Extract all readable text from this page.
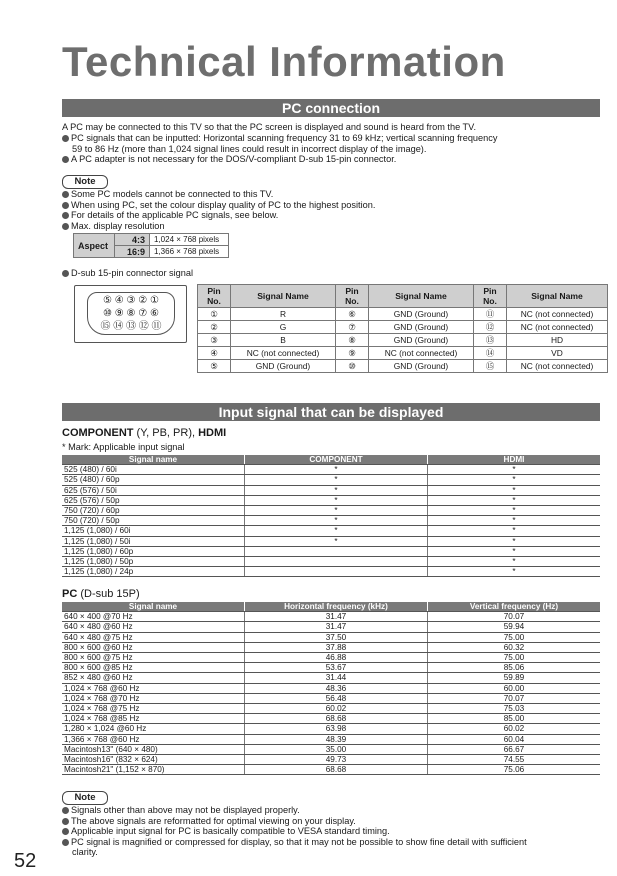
Technical Information
PC connection
A PC may be connected to this TV so that the PC screen is displayed and sound is heard from the TV.
PC signals that can be inputted: Horizontal scanning frequency 31 to 69 kHz; vertical scanning frequency
59 to 86 Hz (more than 1,024 signal lines could result in incorrect display of the image).
A PC adapter is not necessary for the DOS/V-compliant D-sub 15-pin connector.
Note
Some PC models cannot be connected to this TV.
When using PC, set the colour display quality of PC to the highest position.
For details of the applicable PC signals, see below.
Max. display resolution
Aspect	4:3	1,024 × 768 pixels
	16:9	1,366 × 768 pixels
D-sub 15-pin connector signal
⑤ ④ ③ ② ①
⑩ ⑨ ⑧ ⑦ ⑥
⑮ ⑭ ⑬ ⑫ ⑪
Pin No.	Signal Name	Pin No.	Signal Name	Pin No.	Signal Name
①	R	⑥	GND (Ground)	⑪	NC (not connected)
②	G	⑦	GND (Ground)	⑫	NC (not connected)
③	B	⑧	GND (Ground)	⑬	HD
④	NC (not connected)	⑨	NC (not connected)	⑭	VD
⑤	GND (Ground)	⑩	GND (Ground)	⑮	NC (not connected)
Input signal that can be displayed
COMPONENT (Y, PB, PR), HDMI
* Mark: Applicable input signal
Signal name	COMPONENT	HDMI
525 (480) / 60i	*	*
525 (480) / 60p	*	*
625 (576) / 50i	*	*
625 (576) / 50p	*	*
750 (720) / 60p	*	*
750 (720) / 50p	*	*
1,125 (1,080) / 60i	*	*
1,125 (1,080) / 50i	*	*
1,125 (1,080) / 60p		*
1,125 (1,080) / 50p		*
1,125 (1,080) / 24p		*
PC (D-sub 15P)
Signal name	Horizontal frequency (kHz)	Vertical frequency (Hz)
640 × 400 @70 Hz	31.47	70.07
640 × 480 @60 Hz	31.47	59.94
640 × 480 @75 Hz	37.50	75.00
800 × 600 @60 Hz	37.88	60.32
800 × 600 @75 Hz	46.88	75.00
800 × 600 @85 Hz	53.67	85.06
852 × 480 @60 Hz	31.44	59.89
1,024 × 768 @60 Hz	48.36	60.00
1,024 × 768 @70 Hz	56.48	70.07
1,024 × 768 @75 Hz	60.02	75.03
1,024 × 768 @85 Hz	68.68	85.00
1,280 × 1,024 @60 Hz	63.98	60.02
1,366 × 768 @60 Hz	48.39	60.04
Macintosh13" (640 × 480)	35.00	66.67
Macintosh16" (832 × 624)	49.73	74.55
Macintosh21" (1,152 × 870)	68.68	75.06
Note
Signals other than above may not be displayed properly.
The above signals are reformatted for optimal viewing on your display.
Applicable input signal for PC is basically compatible to VESA standard timing.
PC signal is magnified or compressed for display, so that it may not be possible to show fine detail with sufficient
clarity.
52
